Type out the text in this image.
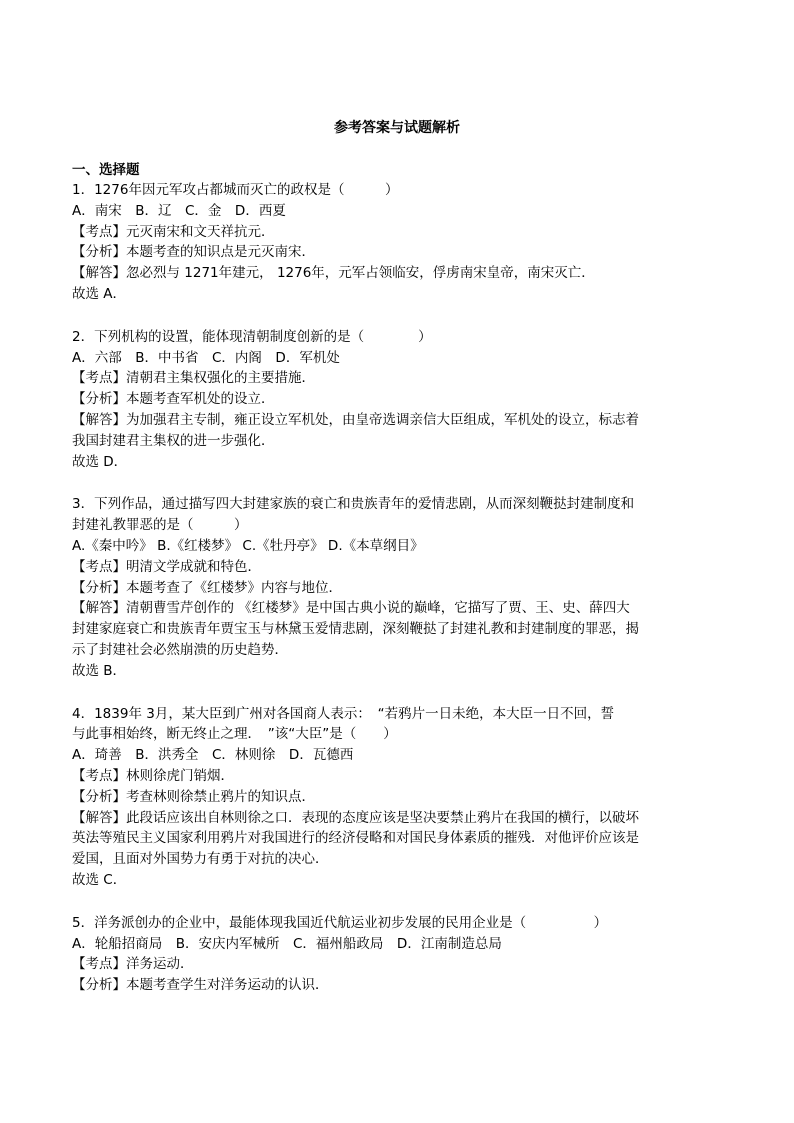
参考答案与试题解析
一、选择题
1．1276年因元军攻占都城而灭亡的政权是（　　　）
A．南宋　B．辽　C．金　D．西夏
【考点】元灭南宋和文天祥抗元．
【分析】本题考查的知识点是元灭南宋．
【解答】忽必烈与 1271年建元， 1276年，元军占领临安，俘虏南宋皇帝，南宋灭亡．
故选 A．
2．下列机构的设置，能体现清朝制度创新的是（　　　　）
A．六部　B．中书省　C．内阁　D．军机处
【考点】清朝君主集权强化的主要措施．
【分析】本题考查军机处的设立．
【解答】为加强君主专制，雍正设立军机处，由皇帝选调亲信大臣组成，军机处的设立，标志着
我国封建君主集权的进一步强化．
故选 D．
3．下列作品，通过描写四大封建家族的衰亡和贵族青年的爱情悲剧，从而深刻鞭挞封建制度和
封建礼教罪恶的是（　　　）
A.《秦中吟》 B.《红楼梦》 C.《牡丹亭》 D.《本草纲目》
【考点】明清文学成就和特色．
【分析】本题考查了《红楼梦》内容与地位．
【解答】清朝曹雪芹创作的 《红楼梦》是中国古典小说的巅峰，它描写了贾、王、史、薛四大
封建家庭衰亡和贵族青年贾宝玉与林黛玉爱情悲剧，深刻鞭挞了封建礼教和封建制度的罪恶，揭
示了封建社会必然崩溃的历史趋势．
故选 B．
4．1839年 3月，某大臣到广州对各国商人表示：　“若鸦片一日未绝，本大臣一日不回，誓
与此事相始终，断无终止之理．　”该“大臣”是（　　）
A．琦善　B．洪秀全　C．林则徐　D．瓦德西
【考点】林则徐虎门销烟．
【分析】考查林则徐禁止鸦片的知识点．
【解答】此段话应该出自林则徐之口．表现的态度应该是坚决要禁止鸦片在我国的横行，以破坏
英法等殖民主义国家利用鸦片对我国进行的经济侵略和对国民身体素质的摧残．对他评价应该是
爱国，且面对外国势力有勇于对抗的决心．
故选 C．
5．洋务派创办的企业中，最能体现我国近代航运业初步发展的民用企业是（　　　　　）
A．轮船招商局　B．安庆内军械所　C．福州船政局　D．江南制造总局
【考点】洋务运动．
【分析】本题考查学生对洋务运动的认识．
